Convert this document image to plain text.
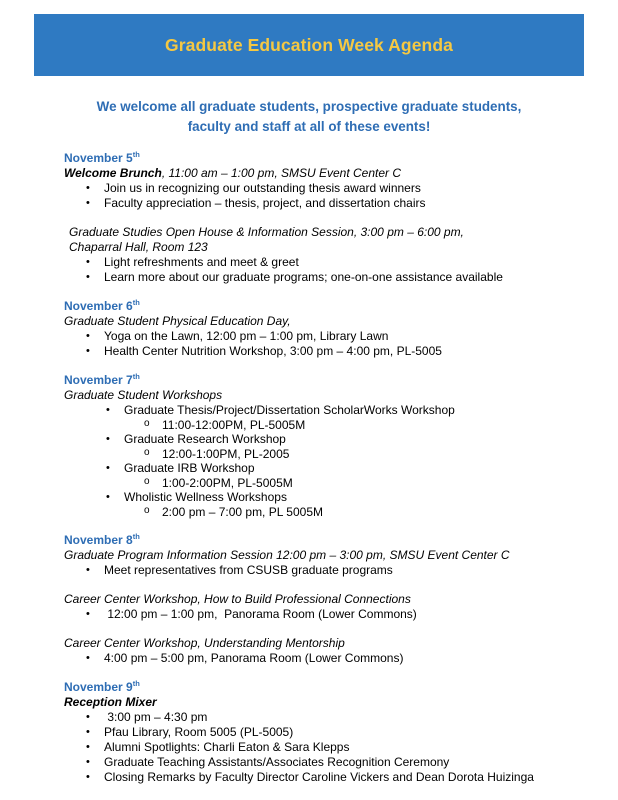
Graduate Education Week Agenda
We welcome all graduate students, prospective graduate students,
faculty and staff at all of these events!
November 5th
Welcome Brunch, 11:00 am – 1:00 pm, SMSU Event Center C
• Join us in recognizing our outstanding thesis award winners
• Faculty appreciation – thesis, project, and dissertation chairs
Graduate Studies Open House & Information Session, 3:00 pm – 6:00 pm,
Chaparral Hall, Room 123
• Light refreshments and meet & greet
• Learn more about our graduate programs; one-on-one assistance available
November 6th
Graduate Student Physical Education Day,
• Yoga on the Lawn, 12:00 pm – 1:00 pm, Library Lawn
• Health Center Nutrition Workshop, 3:00 pm – 4:00 pm, PL-5005
November 7th
Graduate Student Workshops
• Graduate Thesis/Project/Dissertation ScholarWorks Workshop
o 11:00-12:00PM, PL-5005M
• Graduate Research Workshop
o 12:00-1:00PM, PL-2005
• Graduate IRB Workshop
o 1:00-2:00PM, PL-5005M
• Wholistic Wellness Workshops
o 2:00 pm – 7:00 pm, PL 5005M
November 8th
Graduate Program Information Session 12:00 pm – 3:00 pm, SMSU Event Center C
• Meet representatives from CSUSB graduate programs
Career Center Workshop, How to Build Professional Connections
•  12:00 pm – 1:00 pm,  Panorama Room (Lower Commons)
Career Center Workshop, Understanding Mentorship
• 4:00 pm – 5:00 pm, Panorama Room (Lower Commons)
November 9th
Reception Mixer
•  3:00 pm – 4:30 pm
• Pfau Library, Room 5005 (PL-5005)
• Alumni Spotlights: Charli Eaton & Sara Klepps
• Graduate Teaching Assistants/Associates Recognition Ceremony
• Closing Remarks by Faculty Director Caroline Vickers and Dean Dorota Huizinga
